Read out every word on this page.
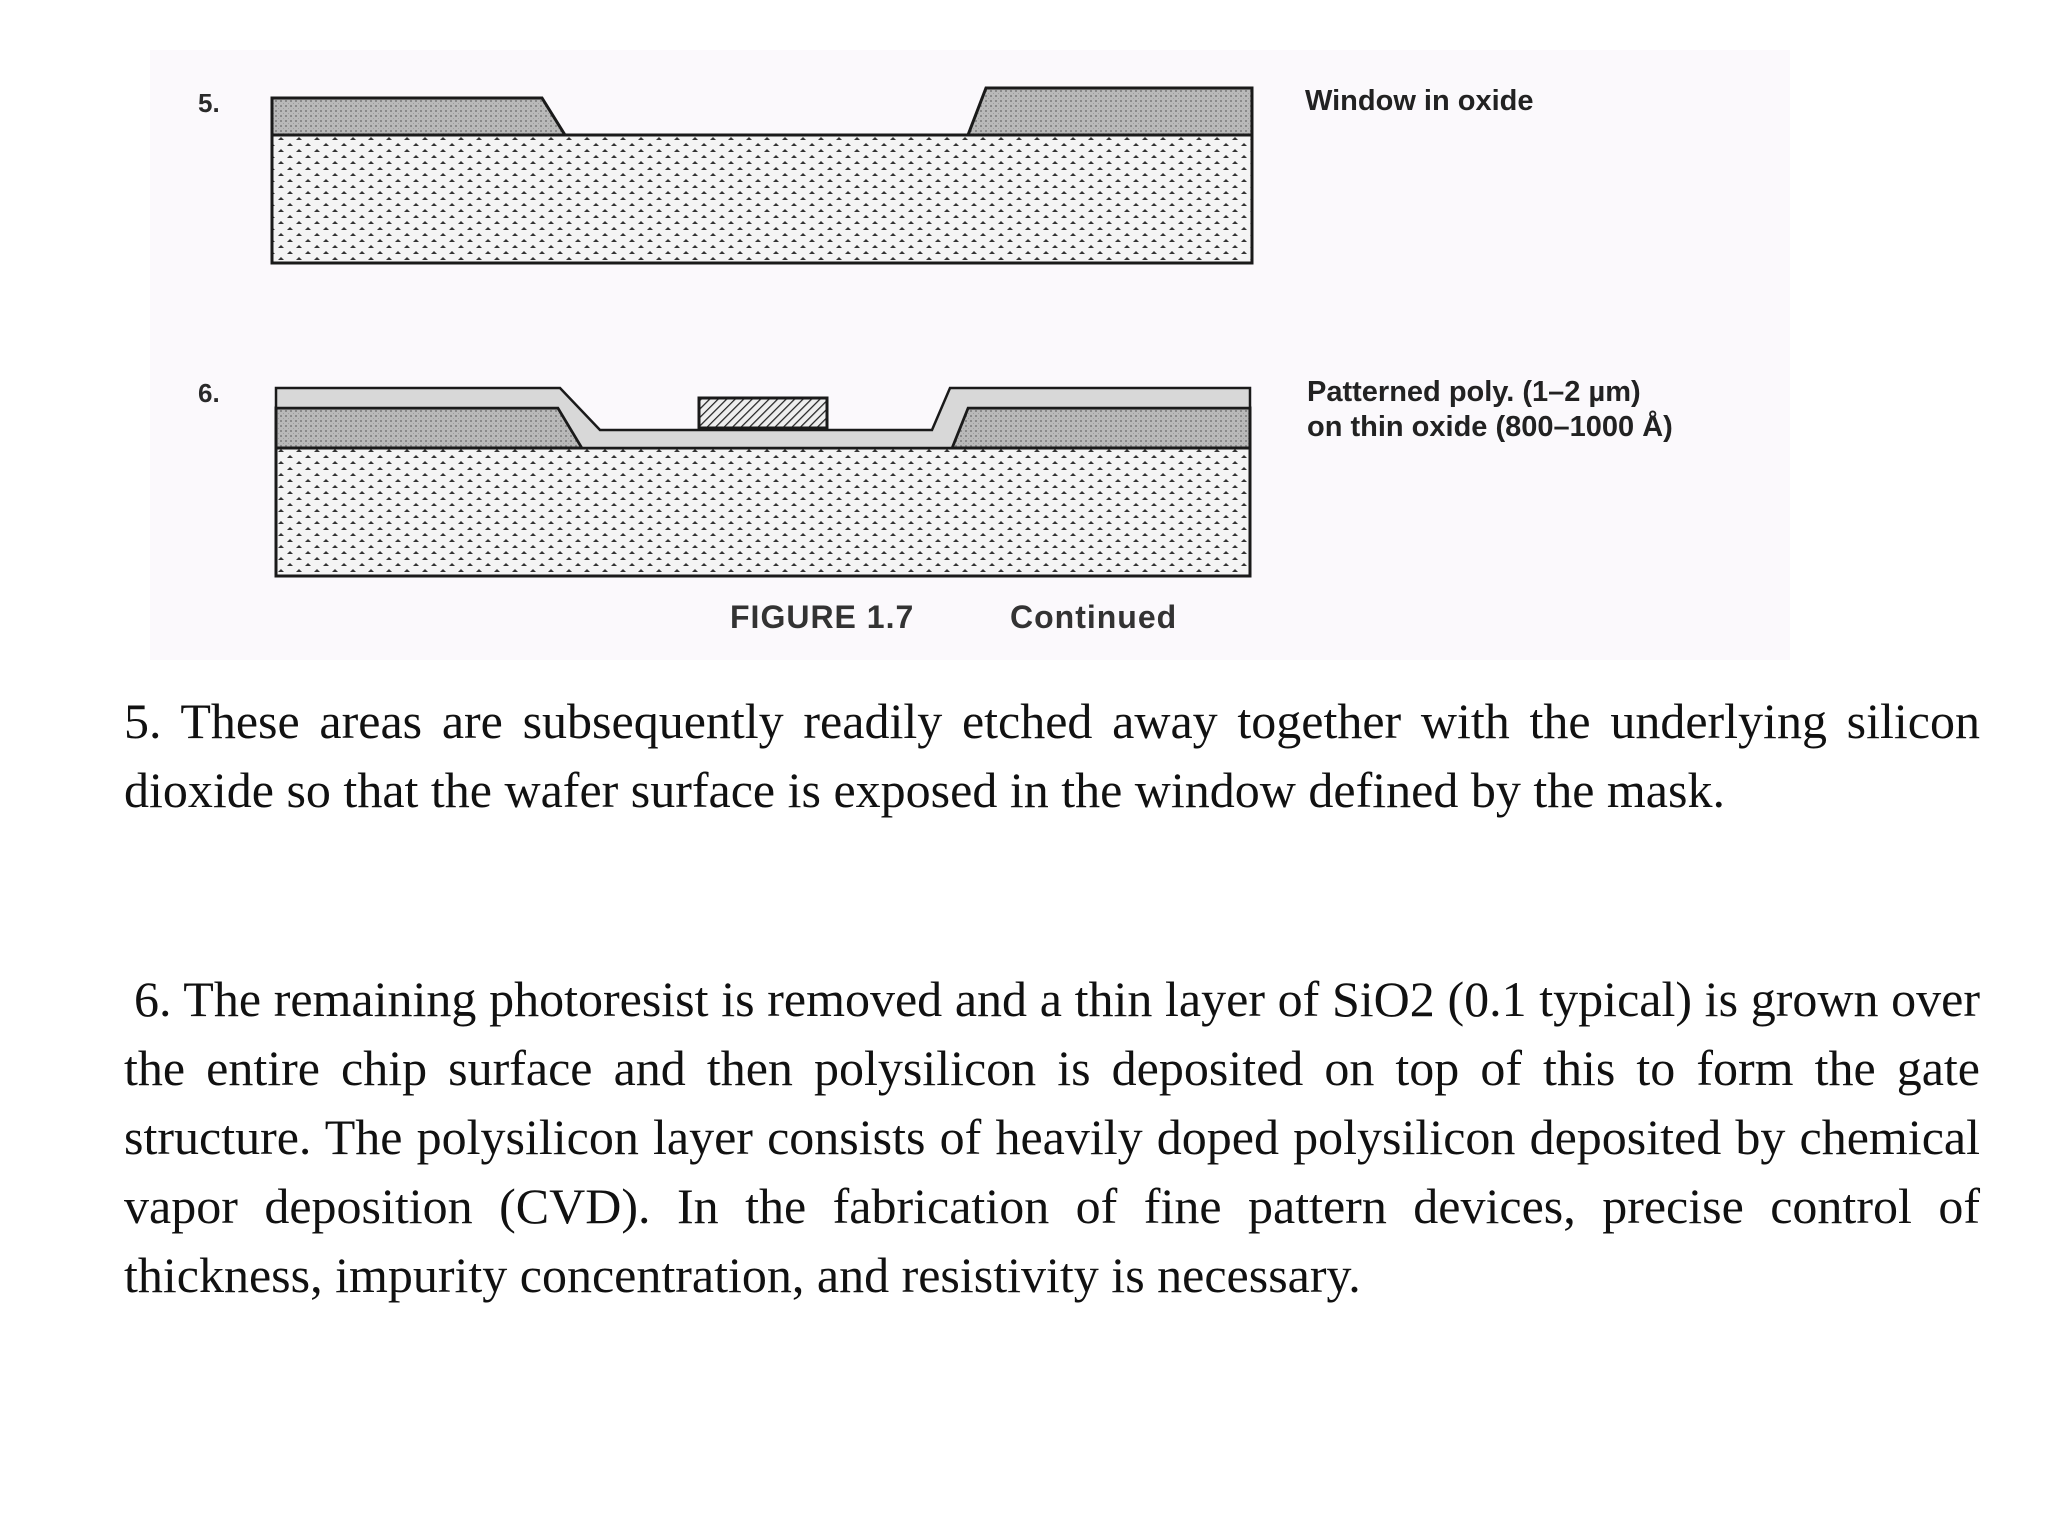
5.	Window in oxide
6.	Patterned poly. (1–2 µm)
on thin oxide (800–1000 Å)
FIGURE 1.7	Continued

5. These areas are subsequently readily etched away together with the underlying silicon dioxide so that the wafer surface is exposed in the window defined by the mask.

6. The remaining photoresist is removed and a thin layer of SiO2 (0.1 typical) is grown over the entire chip surface and then polysilicon is deposited on top of this to form the gate structure. The polysilicon layer consists of heavily doped polysilicon deposited by chemical vapor deposition (CVD). In the fabrication of fine pattern devices, precise control of thickness, impurity concentration, and resistivity is necessary.
